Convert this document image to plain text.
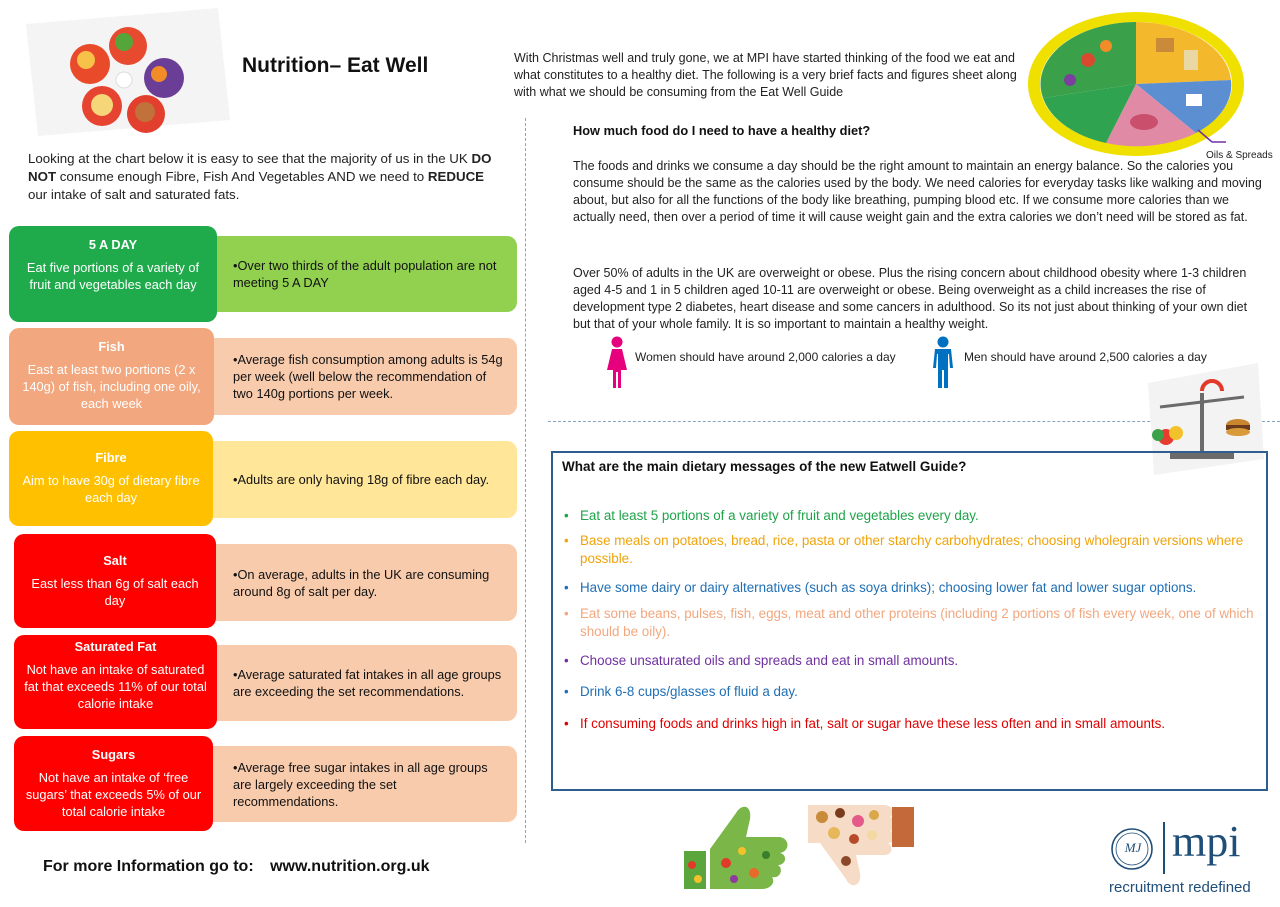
Nutrition– Eat Well	With Christmas well and truly gone, we at MPI have started thinking of the food we eat and what constitutes to a healthy diet. The following is a very brief facts and figures sheet along with what we should be consuming from the Eat Well Guide
Oils & Spreads
Looking at the chart below it is easy to see that the majority of us in the UK DO NOT consume enough Fibre, Fish And Vegetables AND we need to REDUCE our intake of salt and saturated fats.
•Over two thirds of the adult population are not meeting 5 A DAY
5 A DAY
Eat five portions of a variety of fruit and vegetables each day
•Average fish consumption among adults is 54g per week (well below the recommendation of two 140g portions per week.
Fish
East at least two portions (2 x 140g) of fish, including one oily, each week
•Adults are only having 18g of fibre each day.
Fibre
Aim to have 30g of dietary fibre each day
•On average, adults in the UK are consuming around 8g of salt per day.
Salt
East less than 6g of salt each day
•Average saturated fat intakes in all age groups are exceeding the set recommendations.
Saturated Fat
Not have an intake of saturated fat that exceeds 11% of our total calorie intake
•Average free sugar intakes in all age groups are largely exceeding the set recommendations.
Sugars
Not have an intake of ‘free sugars’ that exceeds 5% of our total calorie intake
How much food do I need to have a healthy diet?
The foods and drinks we consume a day should be the right amount to maintain an energy balance. So the calories you consume should be the same as the calories used by the body. We need calories for everyday tasks like walking and moving about, but also for all the functions of the body like breathing, pumping blood etc. If we consume more calories than we actually need, then over a period of time it will cause weight gain and the extra calories we don’t need will be stored as fat.
Over 50% of adults in the UK are overweight or obese. Plus the rising concern about childhood obesity where 1-3 children aged 4-5 and 1 in 5 children aged 10-11 are overweight or obese. Being overweight as a child increases the rise of development type 2 diabetes, heart disease and some cancers in adulthood. So its not just about thinking of your own diet but that of your whole family. It is so important to maintain a healthy weight.
Women should have around 2,000 calories a day	Men should have around 2,500 calories a day
What are the main dietary messages of the new Eatwell Guide?
• Eat at least 5 portions of a variety of fruit and vegetables every day.
• Base meals on potatoes, bread, rice, pasta or other starchy carbohydrates; choosing wholegrain versions where possible.
• Have some dairy or dairy alternatives (such as soya drinks); choosing lower fat and lower sugar options.
• Eat some beans, pulses, fish, eggs, meat and other proteins (including 2 portions of fish every week, one of which should be oily).
• Choose unsaturated oils and spreads and eat in small amounts.
• Drink 6-8 cups/glasses of fluid a day.
• If consuming foods and drinks high in fat, salt or sugar have these less often and in small amounts.
For more Information go to: www.nutrition.org.uk
MJ mpi
recruitment redefined
